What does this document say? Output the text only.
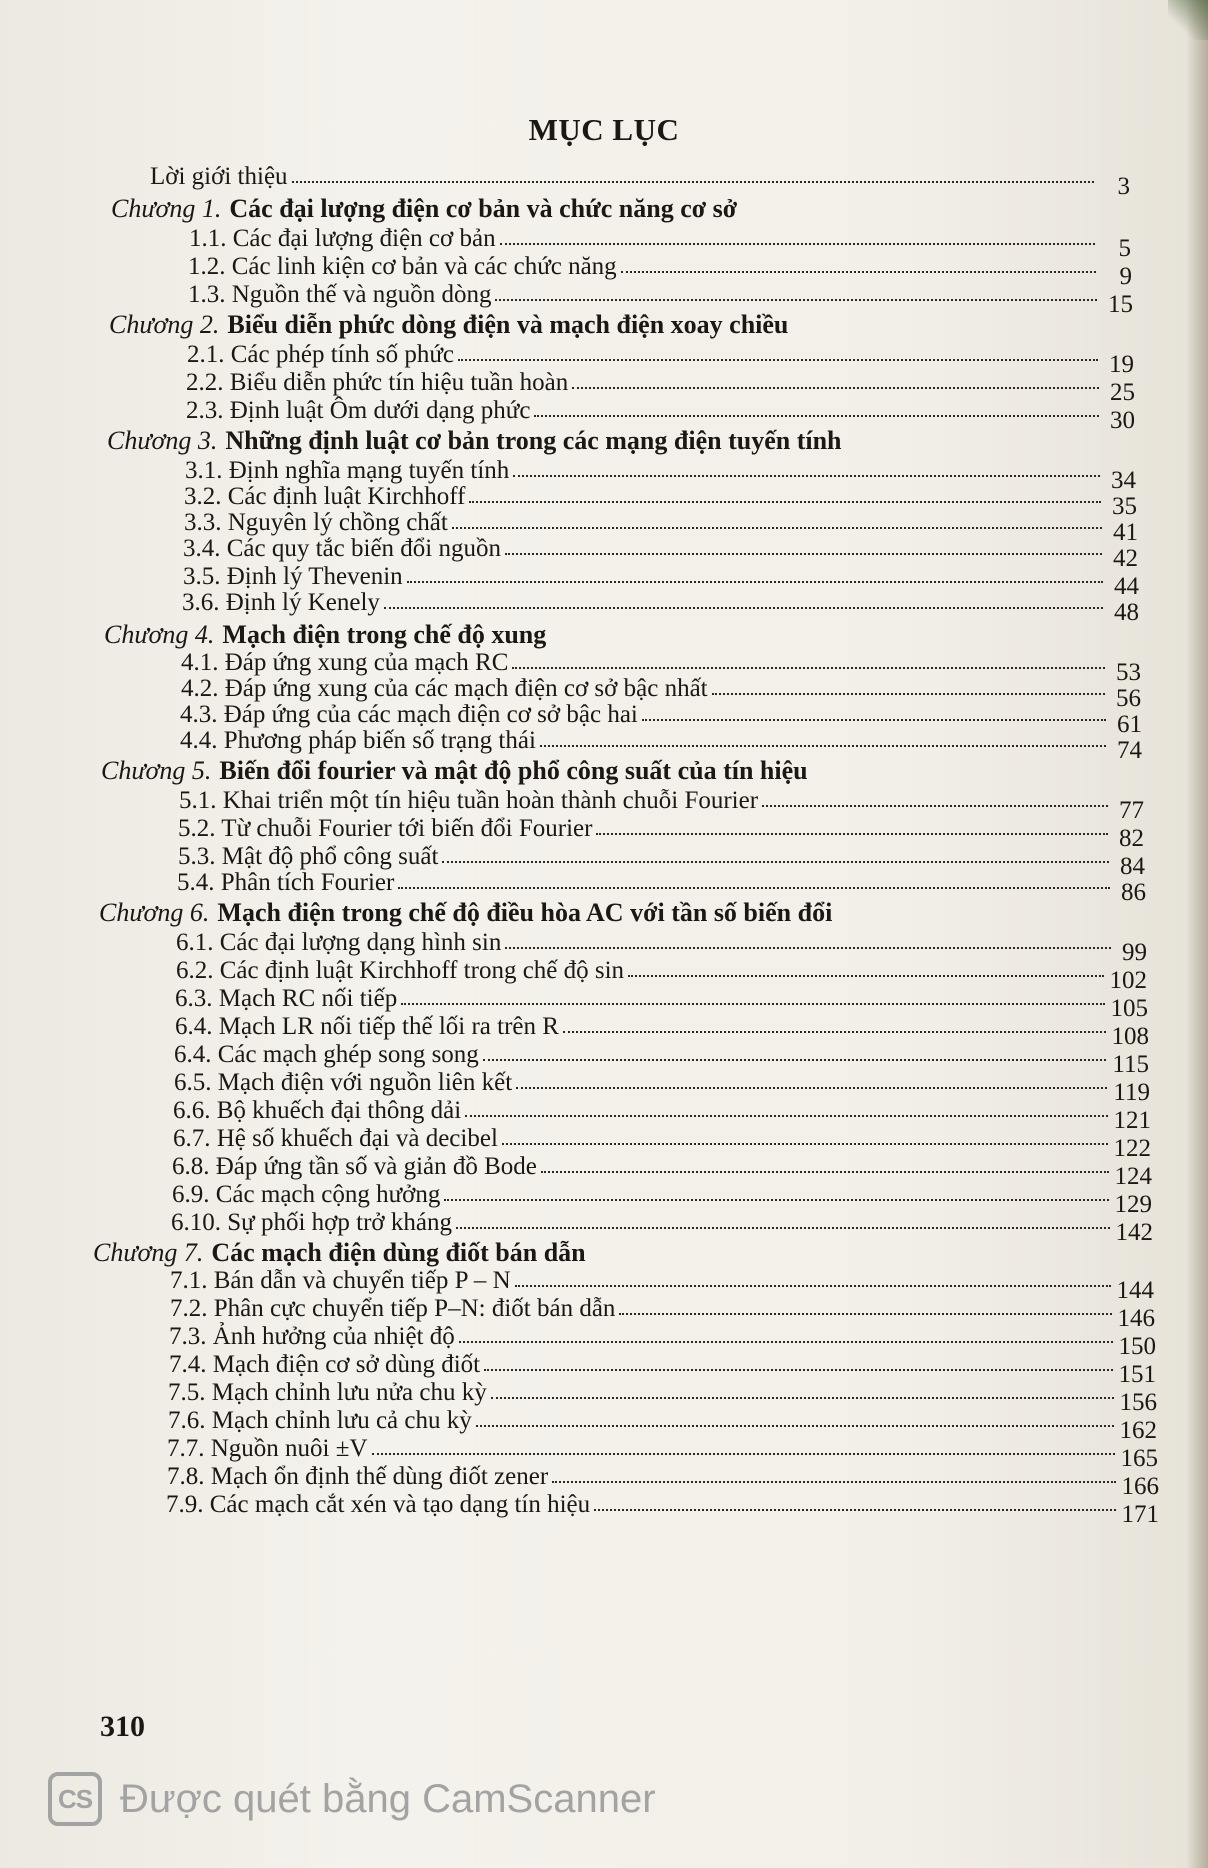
MỤC LỤC
Lời giới thiệu	3
Chương 1. Các đại lượng điện cơ bản và chức năng cơ sở
1.1. Các đại lượng điện cơ bản	5
1.2. Các linh kiện cơ bản và các chức năng	9
1.3. Nguồn thế và nguồn dòng	15
Chương 2. Biểu diễn phức dòng điện và mạch điện xoay chiều
2.1. Các phép tính số phức	19
2.2. Biểu diễn phức tín hiệu tuần hoàn	25
2.3. Định luật Ôm dưới dạng phức	30
Chương 3. Những định luật cơ bản trong các mạng điện tuyến tính
3.1. Định nghĩa mạng tuyến tính	34
3.2. Các định luật Kirchhoff	35
3.3. Nguyên lý chồng chất	41
3.4. Các quy tắc biến đổi nguồn	42
3.5. Định lý Thevenin	44
3.6. Định lý Kenely	48
Chương 4. Mạch điện trong chế độ xung
4.1. Đáp ứng xung của mạch RC	53
4.2. Đáp ứng xung của các mạch điện cơ sở bậc nhất	56
4.3. Đáp ứng của các mạch điện cơ sở bậc hai	61
4.4. Phương pháp biến số trạng thái	74
Chương 5. Biến đổi fourier và mật độ phổ công suất của tín hiệu
5.1. Khai triển một tín hiệu tuần hoàn thành chuỗi Fourier	77
5.2. Từ chuỗi Fourier tới biến đổi Fourier	82
5.3. Mật độ phổ công suất	84
5.4. Phân tích Fourier	86
Chương 6. Mạch điện trong chế độ điều hòa AC với tần số biến đổi
6.1. Các đại lượng dạng hình sin	99
6.2. Các định luật Kirchhoff trong chế độ sin	102
6.3. Mạch RC nối tiếp	105
6.4. Mạch LR nối tiếp thế lối ra trên R	108
6.4. Các mạch ghép song song	115
6.5. Mạch điện với nguồn liên kết	119
6.6. Bộ khuếch đại thông dải	121
6.7. Hệ số khuếch đại và decibel	122
6.8. Đáp ứng tần số và giản đồ Bode	124
6.9. Các mạch cộng hưởng	129
6.10. Sự phối hợp trở kháng	142
Chương 7. Các mạch điện dùng điốt bán dẫn
7.1. Bán dẫn và chuyển tiếp P – N	144
7.2. Phân cực chuyển tiếp P–N: điốt bán dẫn	146
7.3. Ảnh hưởng của nhiệt độ	150
7.4. Mạch điện cơ sở dùng điốt	151
7.5. Mạch chỉnh lưu nửa chu kỳ	156
7.6. Mạch chỉnh lưu cả chu kỳ	162
7.7. Nguồn nuôi ±V	165
7.8. Mạch ổn định thế dùng điốt zener	166
7.9. Các mạch cắt xén và tạo dạng tín hiệu	171
310
CS Được quét bằng CamScanner
